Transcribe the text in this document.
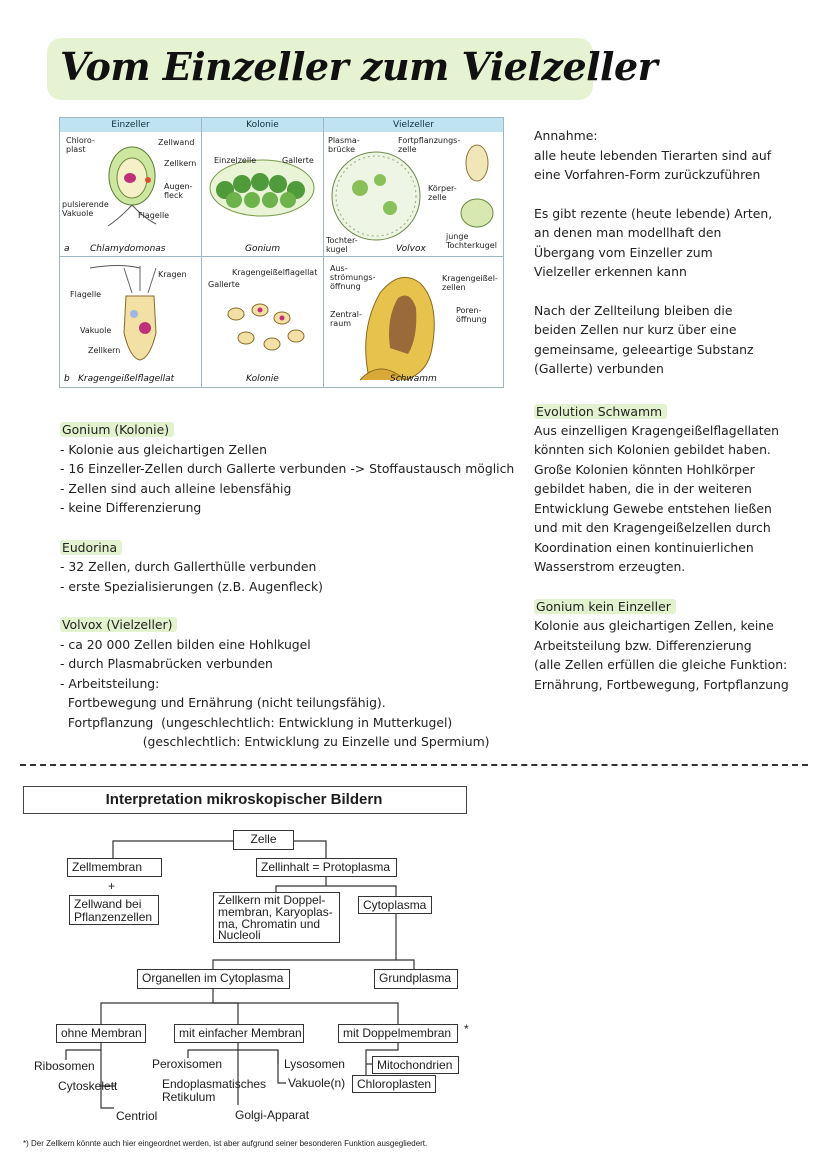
Vom Einzeller zum Vielzeller
Einzeller	Kolonie	Vielzeller
Chloro-
plast
Zellwand
Zellkern
Augen-
fleck
pulsierende
Vakuole	Flagelle
a Chlamydomonas
Einzelzelle	Gallerte
Gonium
Plasma-
brücke
Fortpflanzungs-
zelle
Körper-
zelle
Tochter-
kugel
junge
Tochterkugel
Volvox
Kragen
Flagelle
Vakuole
Zellkern
b Kragengeißelflagellat
Kragengeißelflagellat
Gallerte
Kolonie
Aus-
strömungs-
öffnung
Kragengeißel-
zellen
Zentral-
raum
Poren-
öffnung
Schwamm
Annahme:
alle heute lebenden Tierarten sind auf
eine Vorfahren-Form zurückzuführen
Es gibt rezente (heute lebende) Arten,
an denen man modellhaft den
Übergang vom Einzeller zum
Vielzeller erkennen kann
Nach der Zellteilung bleiben die
beiden Zellen nur kurz über eine
gemeinsame, geleeartige Substanz
(Gallerte) verbunden
Evolution Schwamm
Aus einzelligen Kragengeißelflagellaten
könnten sich Kolonien gebildet haben.
Große Kolonien könnten Hohlkörper
gebildet haben, die in der weiteren
Entwicklung Gewebe entstehen ließen
und mit den Kragengeißelzellen durch
Koordination einen kontinuierlichen
Wasserstrom erzeugten.
Gonium kein Einzeller
Kolonie aus gleichartigen Zellen, keine
Arbeitsteilung bzw. Differenzierung
(alle Zellen erfüllen die gleiche Funktion:
Ernährung, Fortbewegung, Fortpflanzung
Gonium (Kolonie)
- Kolonie aus gleichartigen Zellen
- 16 Einzeller-Zellen durch Gallerte verbunden -> Stoffaustausch möglich
- Zellen sind auch alleine lebensfähig
- keine Differenzierung
Eudorina
- 32 Zellen, durch Gallerthülle verbunden
- erste Spezialisierungen (z.B. Augenfleck)
Volvox (Vielzeller)
- ca 20 000 Zellen bilden eine Hohlkugel
- durch Plasmabrücken verbunden
- Arbeitsteilung:
Fortbewegung und Ernährung (nicht teilungsfähig).
Fortpflanzung  (ungeschlechtlich: Entwicklung in Mutterkugel)
(geschlechtlich: Entwicklung zu Einzelle und Spermium)
Interpretation mikroskopischer Bildern
Zelle
Zellmembran
+
Zellwand bei
Pflanzenzellen
Zellinhalt = Protoplasma
Zellkern mit Doppel-
membran, Karyoplas-
ma, Chromatin und
Nucleoli
Cytoplasma
Organellen im Cytoplasma	Grundplasma
ohne Membran	mit einfacher Membran	mit Doppelmembran	*
Ribosomen
Cytoskelett
Centriol
Peroxisomen
Endoplasmatisches
Retikulum
Golgi-Apparat
Lysosomen
Vakuole(n)
Mitochondrien
Chloroplasten
*) Der Zellkern könnte auch hier eingeordnet werden, ist aber aufgrund seiner besonderen Funktion ausgegliedert.
